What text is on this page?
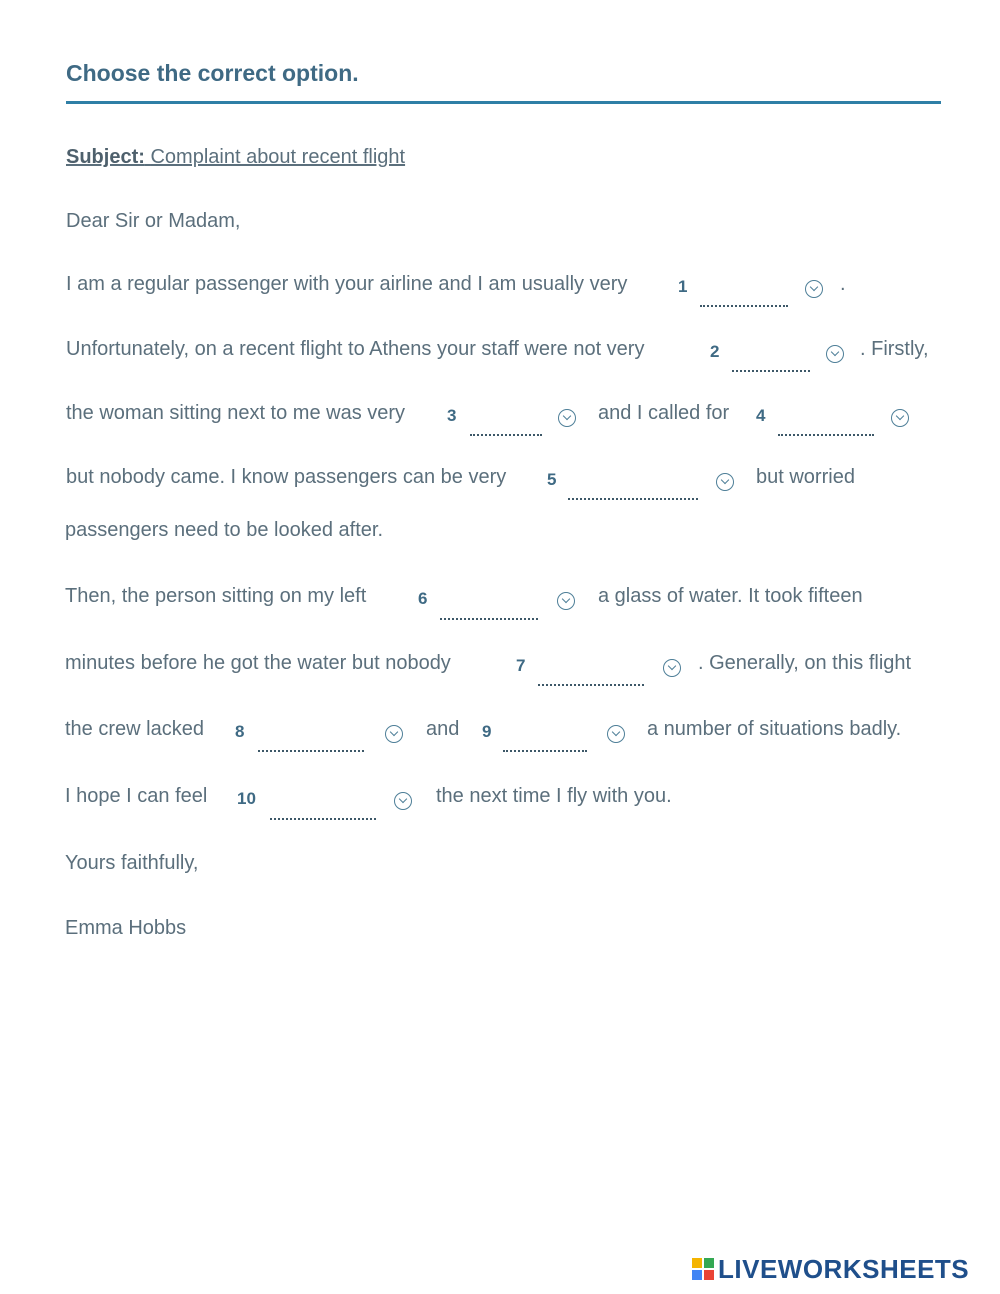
Choose the correct option.
Subject: Complaint about recent flight
Dear Sir or Madam,
I am a regular passenger with your airline and I am usually very	1	.
Unfortunately, on a recent flight to Athens your staff were not very	2	. Firstly,
the woman sitting next to me was very 3	and I called for 4
but nobody came. I know passengers can be very 5	but worried
passengers need to be looked after.
Then, the person sitting on my left	6	a glass of water. It took fifteen
minutes before he got the water but nobody	7	. Generally, on this flight
the crew lacked 8	and 9	a number of situations badly.
I hope I can feel 10	the next time I fly with you.
Yours faithfully,
Emma Hobbs
LIVEWORKSHEETS
